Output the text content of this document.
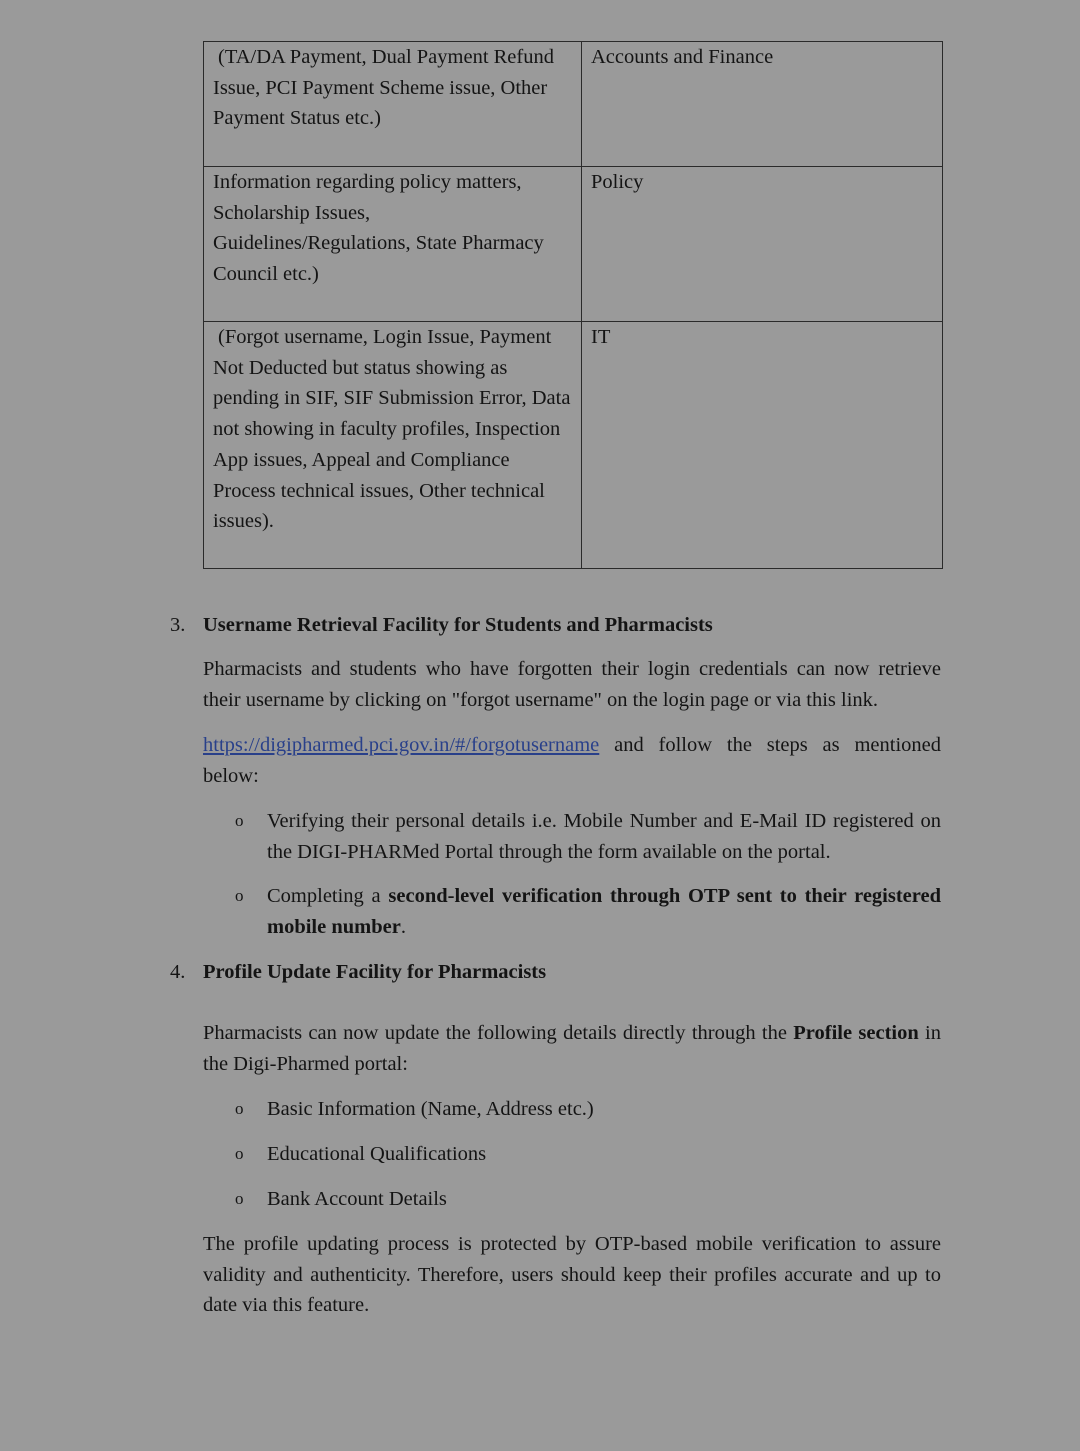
(TA/DA Payment, Dual Payment Refund Issue, PCI Payment Scheme issue, Other Payment Status etc.)	Accounts and Finance

Information regarding policy matters, Scholarship Issues, Guidelines/Regulations, State Pharmacy Council etc.)	Policy

(Forgot username, Login Issue, Payment Not Deducted but status showing as pending in SIF, SIF Submission Error, Data not showing in faculty profiles, Inspection App issues, Appeal and Compliance Process technical issues, Other technical issues).	IT
3. Username Retrieval Facility for Students and Pharmacists
Pharmacists and students who have forgotten their login credentials can now retrieve their username by clicking on "forgot username" on the login page or via this link.
https://digipharmed.pci.gov.in/#/forgotusername and follow the steps as mentioned below:
o Verifying their personal details i.e. Mobile Number and E-Mail ID registered on the DIGI-PHARMed Portal through the form available on the portal.
o Completing a second-level verification through OTP sent to their registered mobile number.
4. Profile Update Facility for Pharmacists
Pharmacists can now update the following details directly through the Profile section in the Digi-Pharmed portal:
o Basic Information (Name, Address etc.)
o Educational Qualifications
o Bank Account Details
The profile updating process is protected by OTP-based mobile verification to assure validity and authenticity. Therefore, users should keep their profiles accurate and up to date via this feature.
